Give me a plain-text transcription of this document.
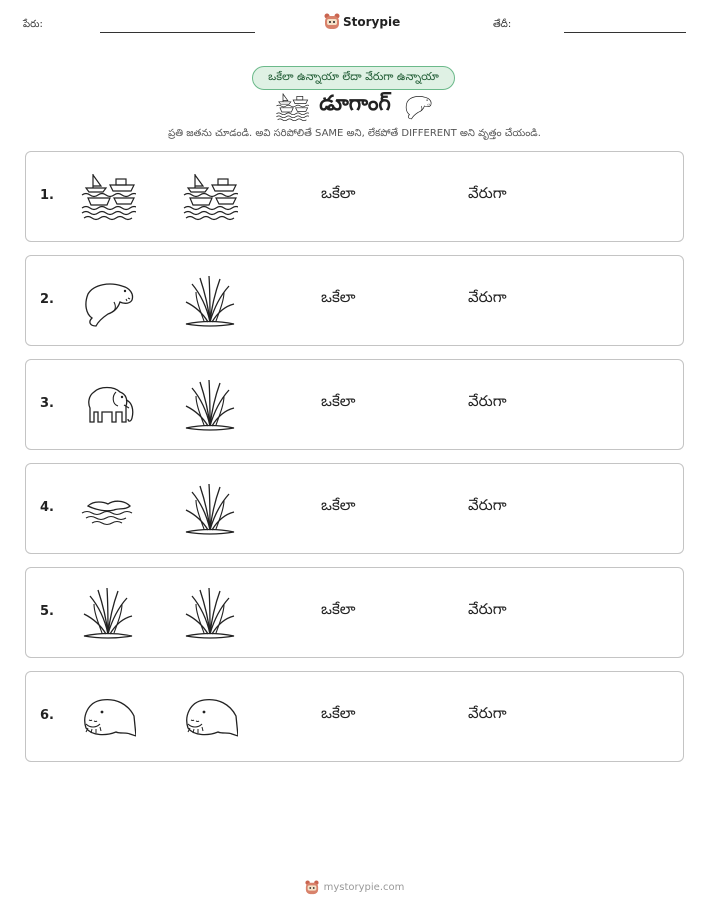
పేరు:	Storypie	తేదీ:
ఒకేలా ఉన్నాయా లేదా వేరుగా ఉన్నాయా
డూగాంగ్
ప్రతి జతను చూడండి. అవి సరిపోలితే SAME అని, లేకపోతే DIFFERENT అని వృత్తం చేయండి.
1.	ఒకేలా	వేరుగా
2.	ఒకేలా	వేరుగా
3.	ఒకేలా	వేరుగా
4.	ఒకేలా	వేరుగా
5.	ఒకేలా	వేరుగా
6.	ఒకేలా	వేరుగా
mystorypie.com
